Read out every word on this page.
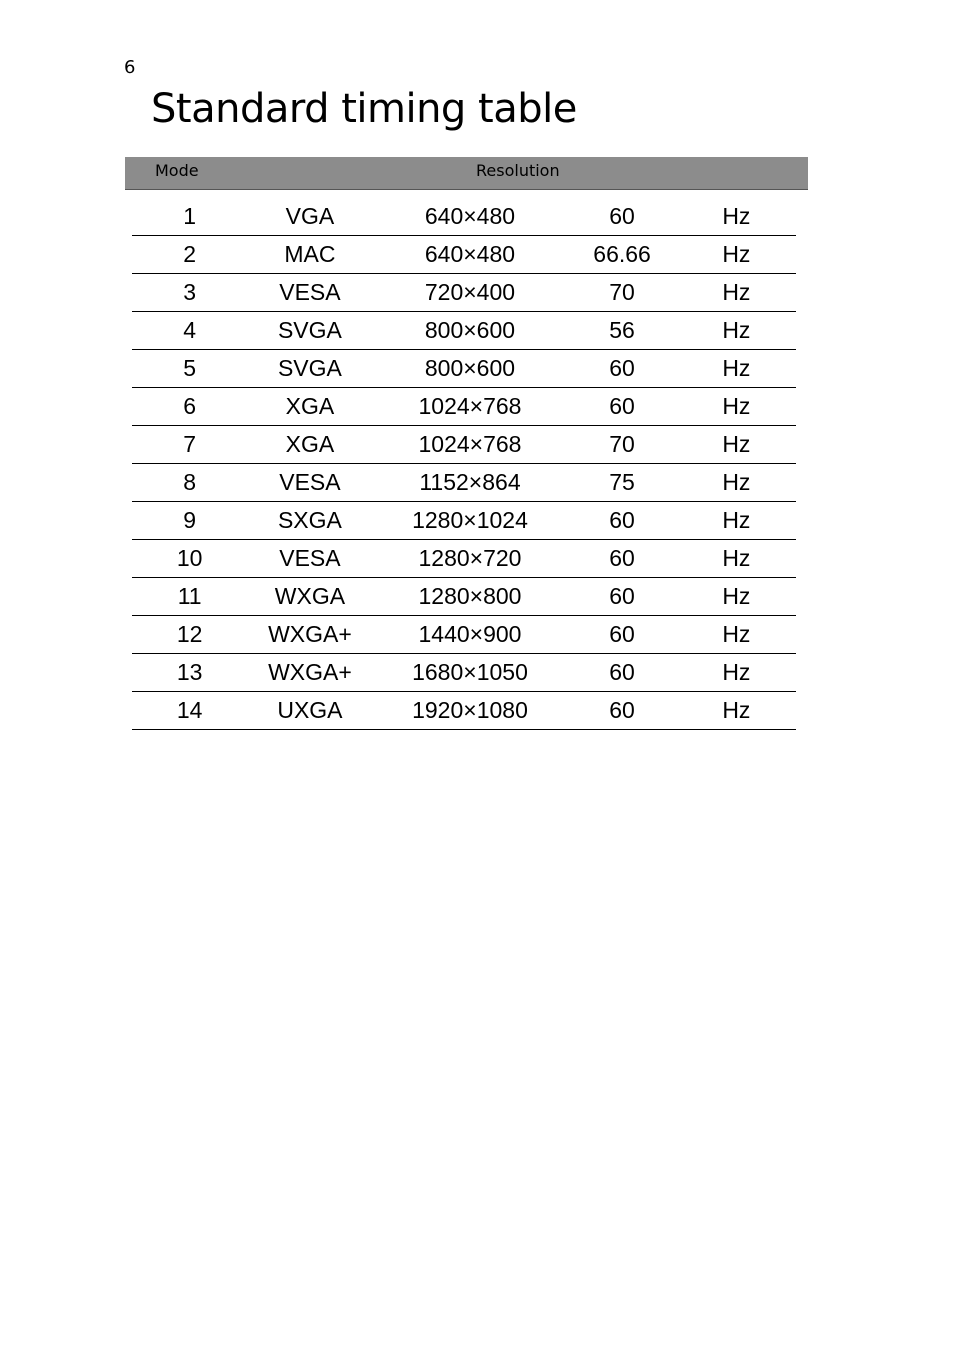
6
Standard timing table
Mode	Resolution
1	VGA	640×480	60	Hz
2	MAC	640×480	66.66	Hz
3	VESA	720×400	70	Hz
4	SVGA	800×600	56	Hz
5	SVGA	800×600	60	Hz
6	XGA	1024×768	60	Hz
7	XGA	1024×768	70	Hz
8	VESA	1152×864	75	Hz
9	SXGA	1280×1024	60	Hz
10	VESA	1280×720	60	Hz
11	WXGA	1280×800	60	Hz
12	WXGA+	1440×900	60	Hz
13	WXGA+	1680×1050	60	Hz
14	UXGA	1920×1080	60	Hz
